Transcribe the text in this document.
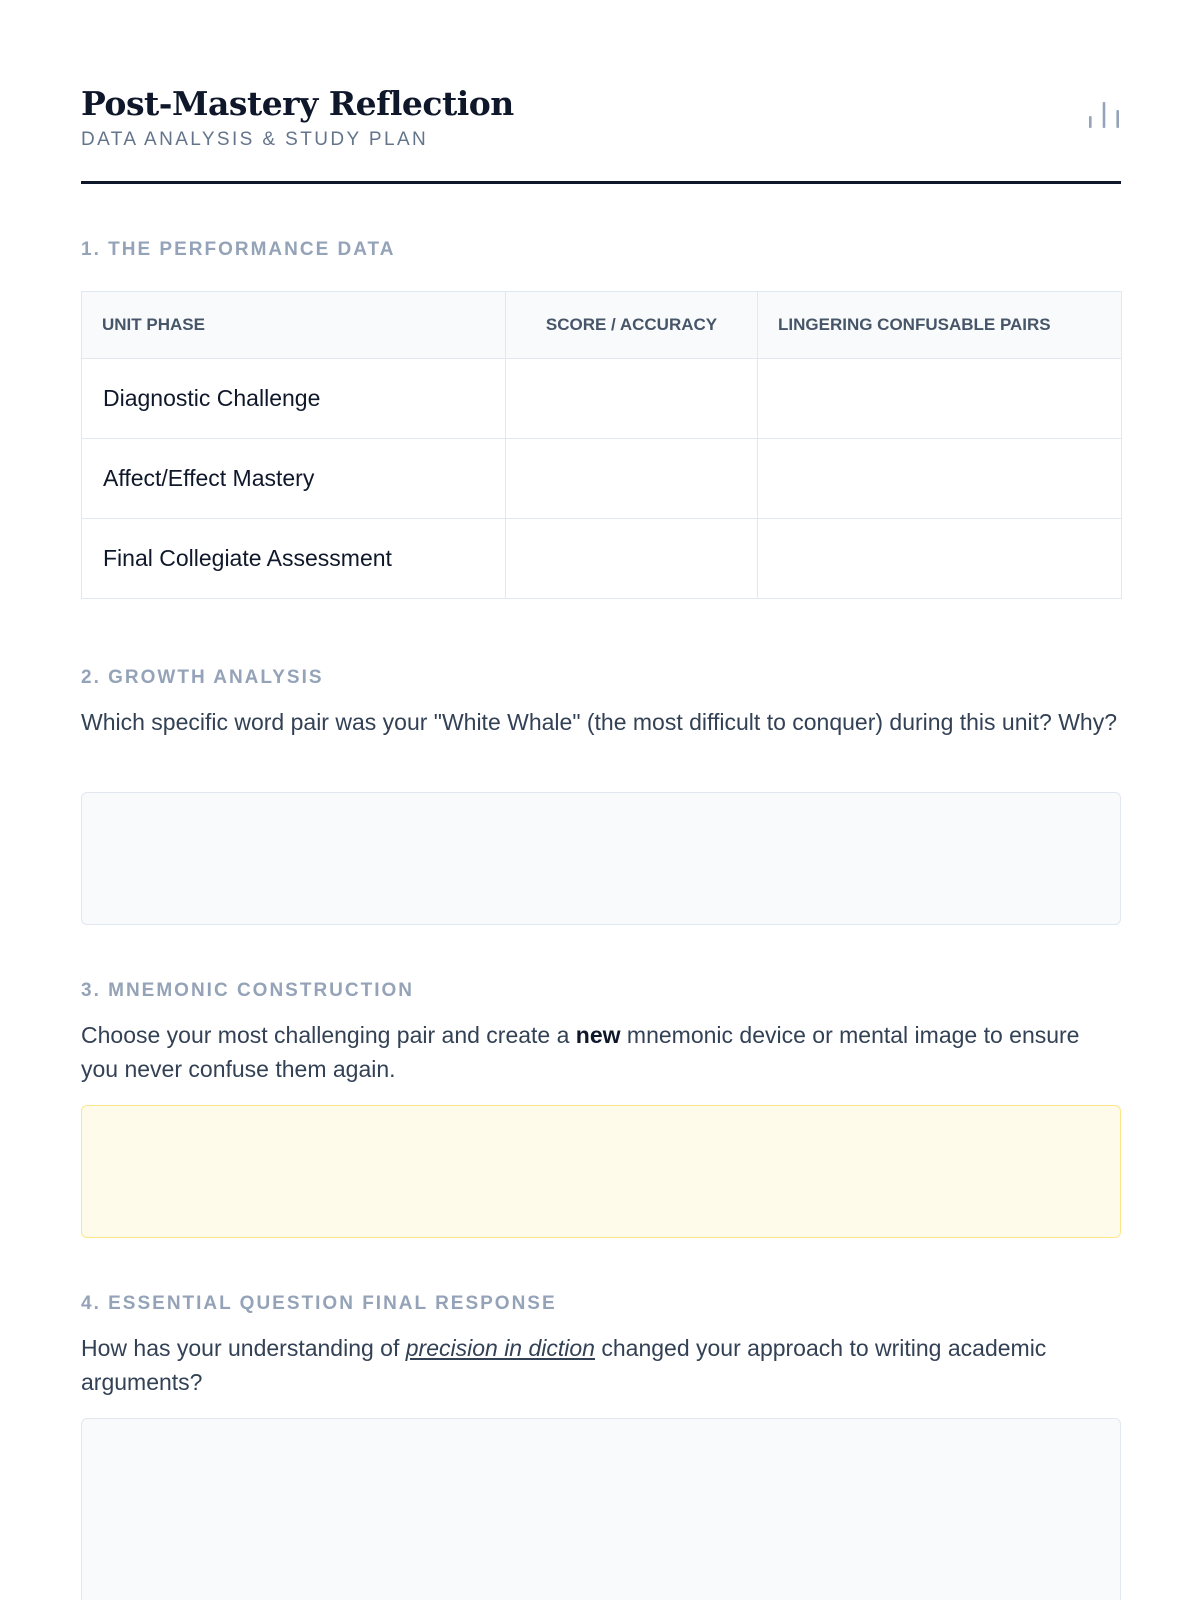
Post-Mastery Reflection
DATA ANALYSIS & STUDY PLAN
1. THE PERFORMANCE DATA
UNIT PHASE	SCORE / ACCURACY	LINGERING CONFUSABLE PAIRS
Diagnostic Challenge		
Affect/Effect Mastery		
Final Collegiate Assessment		
2. GROWTH ANALYSIS

Which specific word pair was your "White Whale" (the most difficult to conquer) during this unit? Why?

3. MNEMONIC CONSTRUCTION

Choose your most challenging pair and create a new mnemonic device or mental image to ensure you never confuse them again.

4. ESSENTIAL QUESTION FINAL RESPONSE

How has your understanding of precision in diction changed your approach to writing academic arguments?
